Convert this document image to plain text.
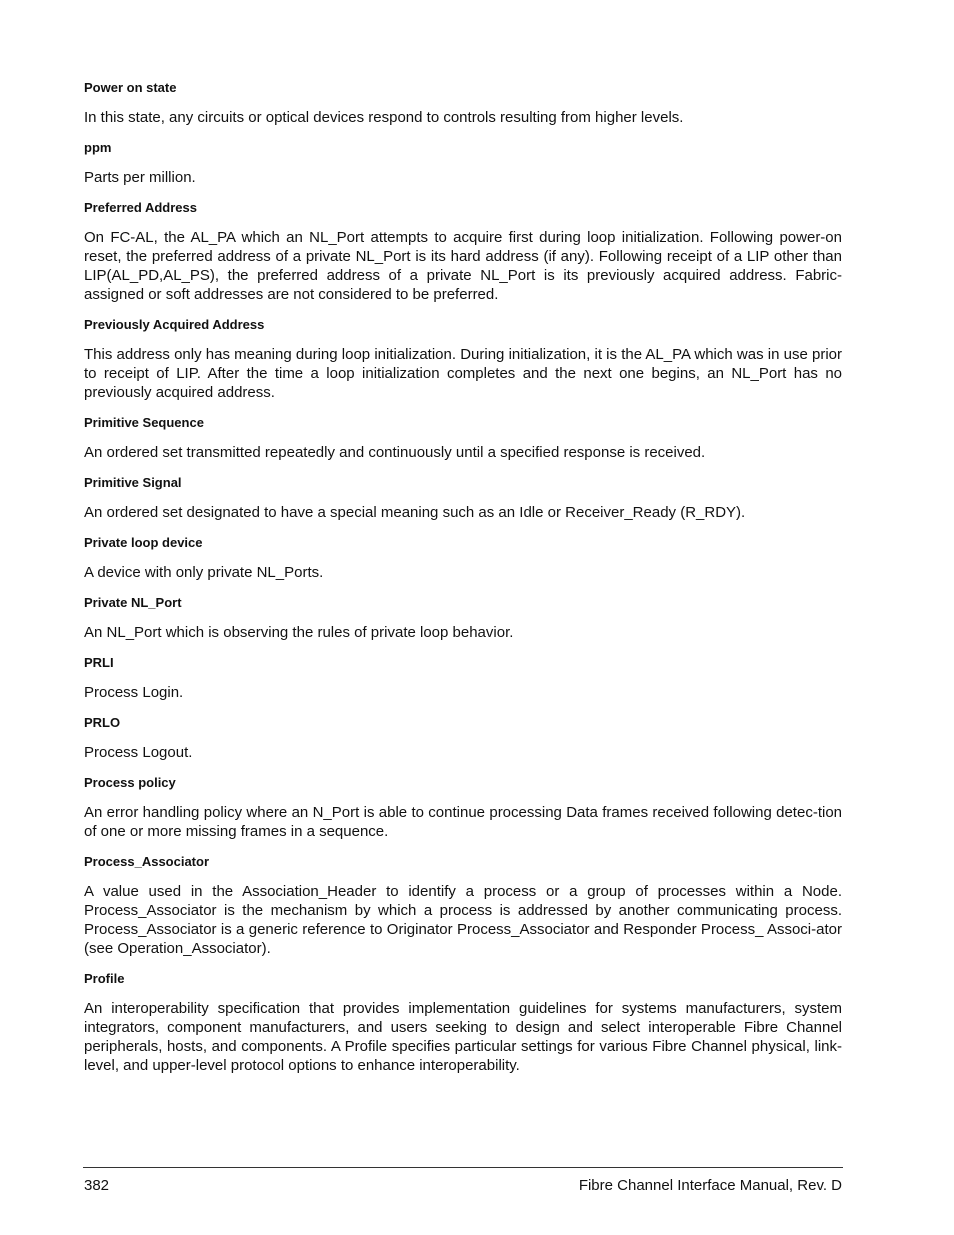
Power on state

In this state, any circuits or optical devices respond to controls resulting from higher levels.

ppm

Parts per million.

Preferred Address

On FC-AL, the AL_PA which an NL_Port attempts to acquire first during loop initialization. Following power-on reset, the preferred address of a private NL_Port is its hard address (if any). Following receipt of a LIP other than LIP(AL_PD,AL_PS), the preferred address of a private NL_Port is its previously acquired address. Fabric-assigned or soft addresses are not considered to be preferred.

Previously Acquired Address

This address only has meaning during loop initialization. During initialization, it is the AL_PA which was in use prior to receipt of LIP. After the time a loop initialization completes and the next one begins, an NL_Port has no previously acquired address.

Primitive Sequence

An ordered set transmitted repeatedly and continuously until a specified response is received.

Primitive Signal

An ordered set designated to have a special meaning such as an Idle or Receiver_Ready (R_RDY).

Private loop device

A device with only private NL_Ports.

Private NL_Port

An NL_Port which is observing the rules of private loop behavior.

PRLI

Process Login.

PRLO

Process Logout.

Process policy

An error handling policy where an N_Port is able to continue processing Data frames received following detec-tion of one or more missing frames in a sequence.

Process_Associator

A value used in the Association_Header to identify a process or a group of processes within a Node. Process_Associator is the mechanism by which a process is addressed by another communicating process. Process_Associator is a generic reference to Originator Process_Associator and Responder Process_ Associ-ator (see Operation_Associator).

Profile

An interoperability specification that provides implementation guidelines for systems manufacturers, system integrators, component manufacturers, and users seeking to design and select interoperable Fibre Channel peripherals, hosts, and components. A Profile specifies particular settings for various Fibre Channel physical, link-level, and upper-level protocol options to enhance interoperability.

382	Fibre Channel Interface Manual, Rev. D
